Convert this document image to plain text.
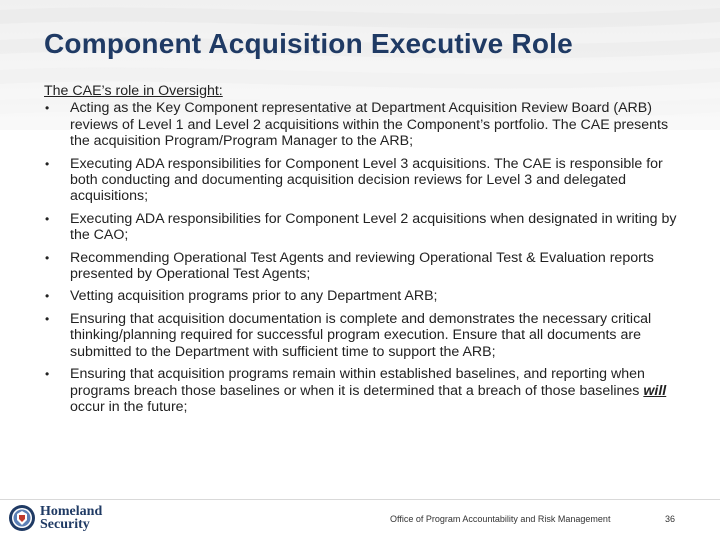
Component Acquisition Executive Role
The CAE’s role in Oversight:
• Acting as the Key Component representative at Department Acquisition Review Board (ARB) reviews of Level 1 and Level 2 acquisitions within the Component’s portfolio. The CAE presents the acquisition Program/Program Manager to the ARB;
• Executing ADA responsibilities for Component Level 3 acquisitions. The CAE is responsible for both conducting and documenting acquisition decision reviews for Level 3 and delegated acquisitions;
• Executing ADA responsibilities for Component Level 2 acquisitions when designated in writing by the CAO;
• Recommending Operational Test Agents and reviewing Operational Test & Evaluation reports presented by Operational Test Agents;
• Vetting acquisition programs prior to any Department ARB;
• Ensuring that acquisition documentation is complete and demonstrates the necessary critical thinking/planning required for successful program execution. Ensure that all documents are submitted to the Department with sufficient time to support the ARB;
• Ensuring that acquisition programs remain within established baselines, and reporting when programs breach those baselines or when it is determined that a breach of those baselines will occur in the future;
Homeland
Security	Office of Program Accountability and Risk Management	36
